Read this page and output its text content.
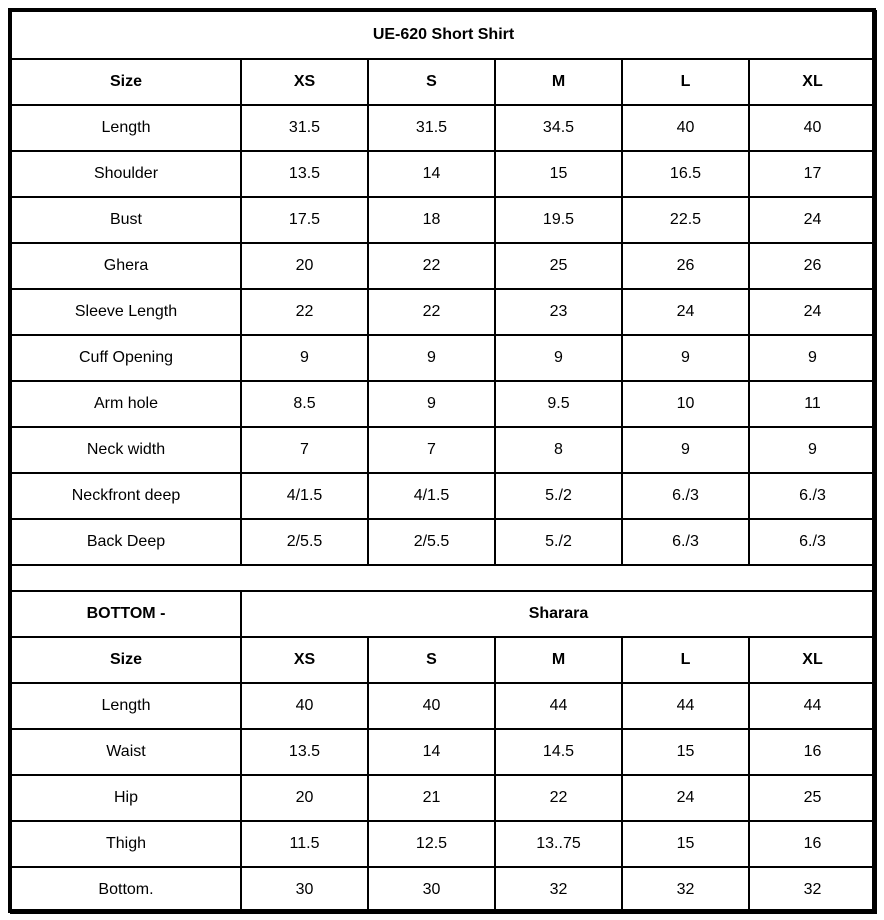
UE-620 Short Shirt					
Size	XS	S	M	L	XL
Length	31.5	31.5	34.5	40	40
Shoulder	13.5	14	15	16.5	17
Bust	17.5	18	19.5	22.5	24
Ghera	20	22	25	26	26
Sleeve Length	22	22	23	24	24
Cuff Opening	9	9	9	9	9
Arm hole	8.5	9	9.5	10	11
Neck width	7	7	8	9	9
Neckfront deep	4/1.5	4/1.5	5./2	6./3	6./3
Back Deep	2/5.5	2/5.5	5./2	6./3	6./3

BOTTOM -	Sharara				
Size	XS	S	M	L	XL
Length	40	40	44	44	44
Waist	13.5	14	14.5	15	16
Hip	20	21	22	24	25
Thigh	11.5	12.5	13..75	15	16
Bottom.	30	30	32	32	32
